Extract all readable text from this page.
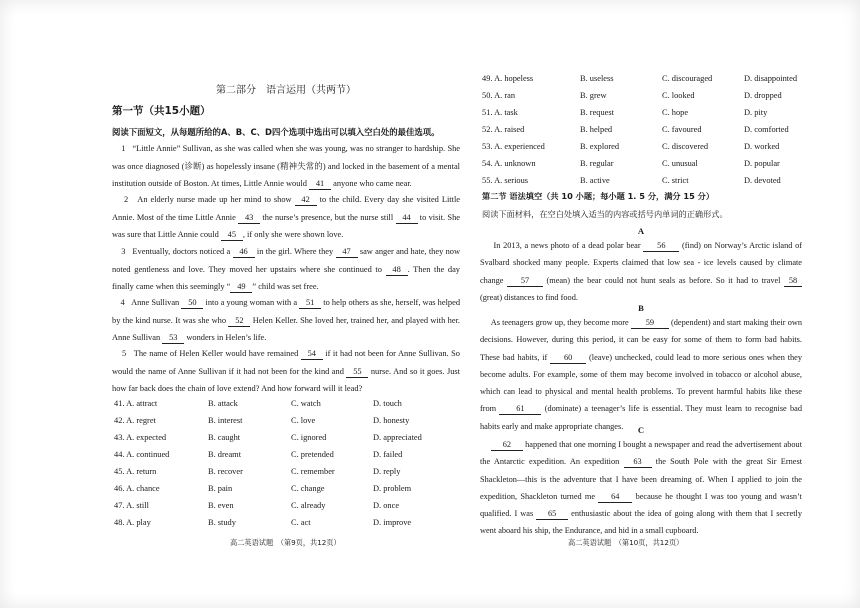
第二部分　语言运用（共两节）
第一节（共15小题）
阅读下面短文，从每题所给的A、B、C、D四个选项中选出可以填入空白处的最佳选项。
1 “Little Annie” Sullivan, as she was called when she was young, was no stranger to hardship. She was once diagnosed (诊断) as hopelessly insane (精神失常的) and locked in the basement of a mental institution outside of Boston. At times, Little Annie would 41 anyone who came near.
2 An elderly nurse made up her mind to show 42 to the child. Every day she visited Little Annie. Most of the time Little Annie 43 the nurse’s presence, but the nurse still 44 to visit. She was sure that Little Annie could 45 , if only she were shown love.
3 Eventually, doctors noticed a 46 in the girl. Where they 47 saw anger and hate, they now noted gentleness and love. They moved her upstairs where she continued to 48 . Then the day finally came when this seemingly “ 49 ” child was set free.
4 Anne Sullivan 50 into a young woman with a 51 to help others as she, herself, was helped by the kind nurse. It was she who 52 Helen Keller. She loved her, trained her, and played with her. Anne Sullivan 53 wonders in Helen’s life.
5 The name of Helen Keller would have remained 54 if it had not been for Anne Sullivan. So would the name of Anne Sullivan if it had not been for the kind and 55 nurse. And so it goes. Just how far back does the chain of love extend? And how forward will it lead?
41. A. attract	B. attack	C. watch	D. touch
42. A. regret	B. interest	C. love	D. honesty
43. A. expected	B. caught	C. ignored	D. appreciated
44. A. continued	B. dreamt	C. pretended	D. failed
45. A. return	B. recover	C. remember	D. reply
46. A. chance	B. pain	C. change	D. problem
47. A. still	B. even	C. already	D. once
48. A. play	B. study	C. act	D. improve
高二英语试题　（第9页，共12页）
49. A. hopeless	B. useless	C. discouraged	D. disappointed
50. A. ran	B. grew	C. looked	D. dropped
51. A. task	B. request	C. hope	D. pity
52. A. raised	B. helped	C. favoured	D. comforted
53. A. experienced	B. explored	C. discovered	D. worked
54. A. unknown	B. regular	C. unusual	D. popular
55. A. serious	B. active	C. strict	D. devoted
第二节 语法填空（共 10 小题；每小题 1. 5 分，满分 15 分）
阅读下面材料，在空白处填入适当的内容或括号内单词的正确形式。
A
In 2013, a news photo of a dead polar bear 56 (find) on Norway’s Arctic island of Svalbard shocked many people. Experts claimed that low sea - ice levels caused by climate change 57 (mean) the bear could not hunt seals as before. So it had to travel 58 (great) distances to find food.
B
As teenagers grow up, they become more 59 (dependent) and start making their own decisions. However, during this period, it can be easy for some of them to form bad habits. These bad habits, if 60 (leave) unchecked, could lead to more serious ones when they become adults. For example, some of them may become involved in tobacco or alcohol abuse, which can lead to physical and mental health problems. To prevent harmful habits like these from 61 (dominate) a teenager’s life is essential. They must learn to recognise bad habits early and make appropriate changes.	C
62 happened that one morning I bought a newspaper and read the advertisement about the Antarctic expedition. An expedition 63 the South Pole with the great Sir Ernest Shackleton—this is the adventure that I have been dreaming of. When I applied to join the expedition, Shackleton turned me 64 because he thought I was too young and wasn’t qualified. I was 65 enthusiastic about the idea of going along with them that I secretly went aboard his ship, the Endurance, and hid in a small cupboard.
高二英语试题　（第10页，共12页）
